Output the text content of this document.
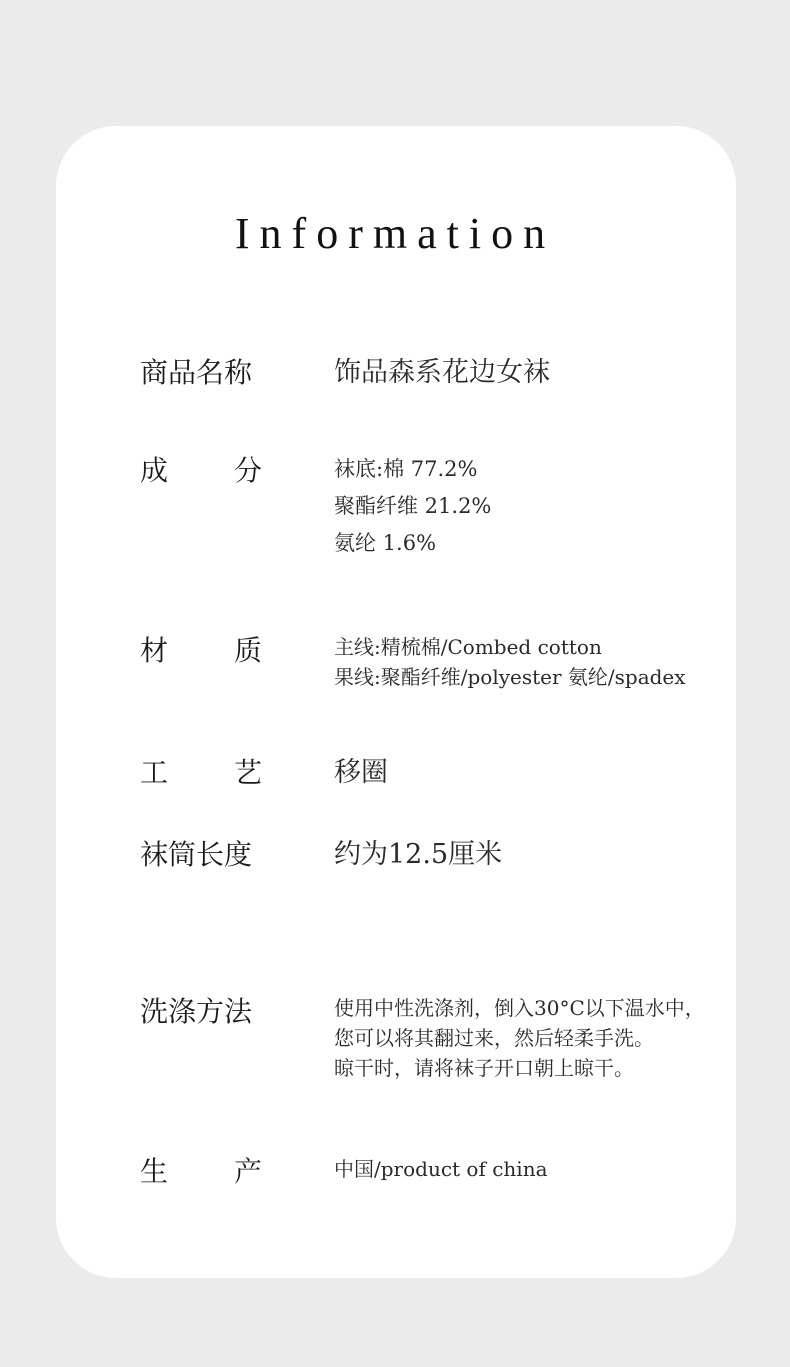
Information
商品名称	饰品森系花边女袜
成 分	袜底:棉 77.2%
聚酯纤维 21.2%
氨纶 1.6%
材 质	主线:精梳棉/Combed cotton
果线:聚酯纤维/polyester 氨纶/spadex
工 艺	移圈
袜筒长度	约为12.5厘米
洗涤方法	使用中性洗涤剂，倒入30°C以下温水中，
您可以将其翻过来，然后轻柔手洗。
晾干时，请将袜子开口朝上晾干。
生 产	中国/product of china
